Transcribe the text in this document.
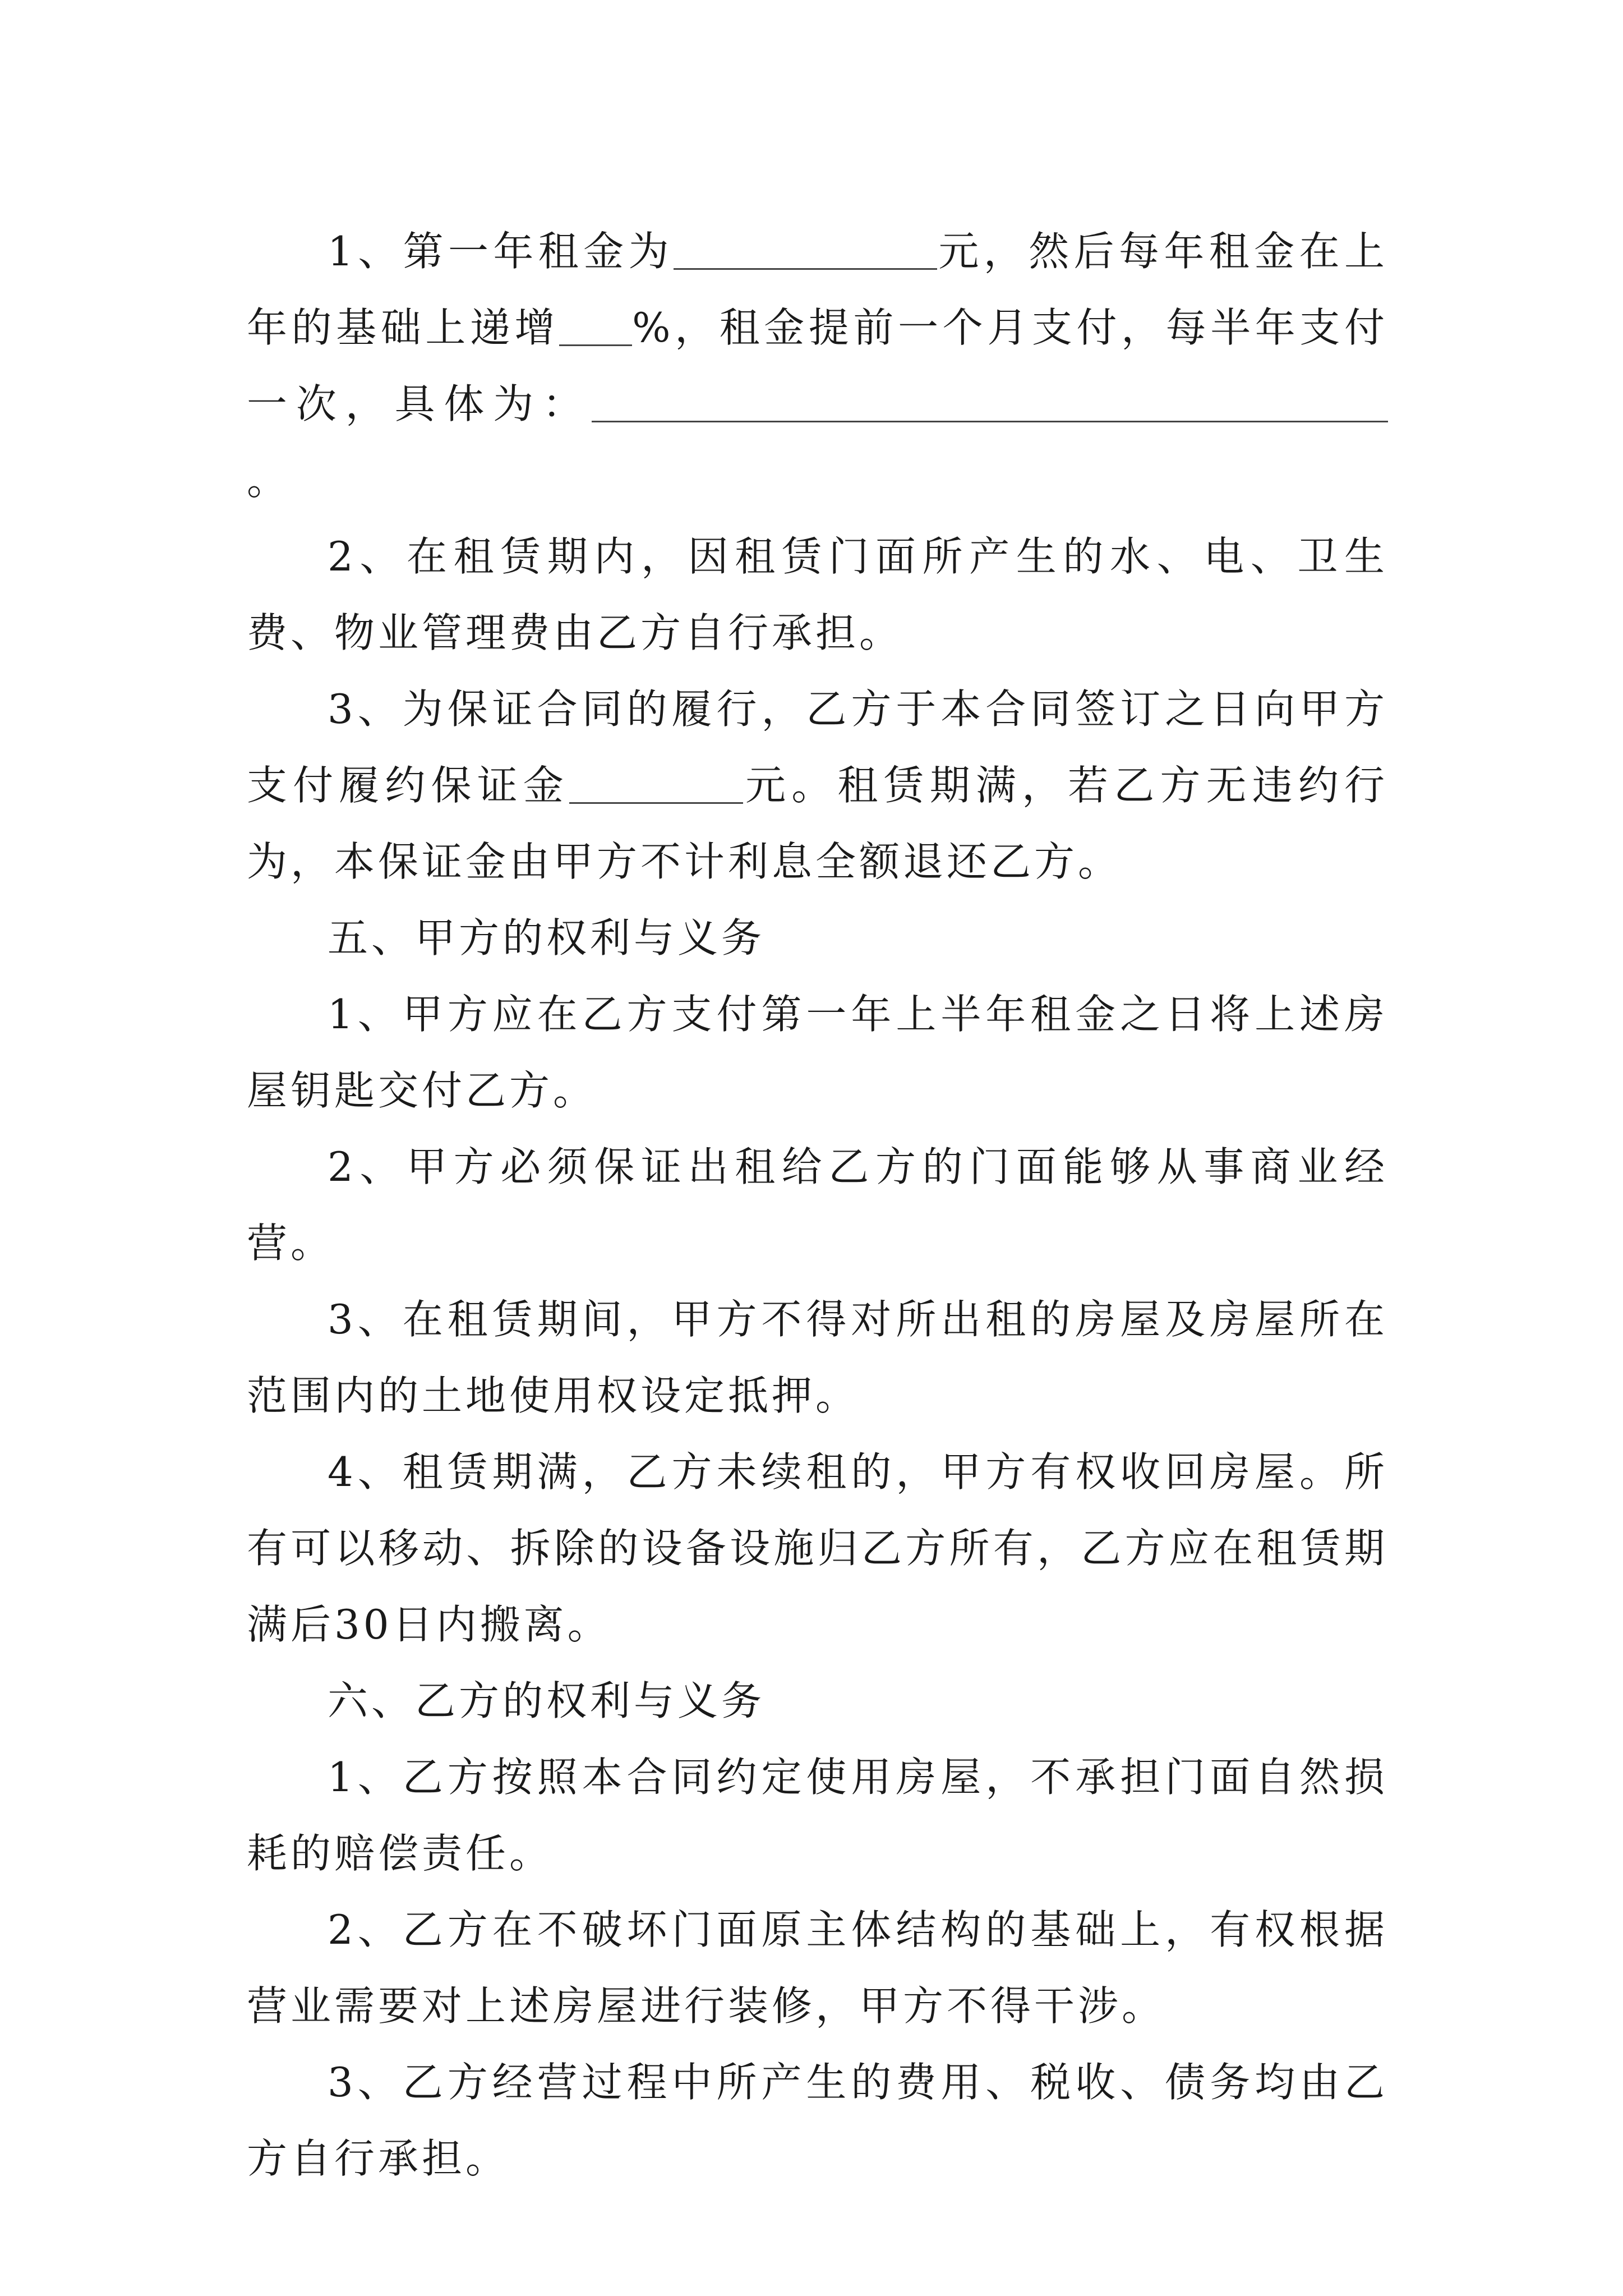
1、第一年租金为	元，然后每年租金在上年的基础上递增 %，租金提前一个月支付，每半年支付一次，具体为：。

2、在租赁期内，因租赁门面所产生的水、电、卫生费、物业管理费由乙方自行承担。

3、为保证合同的履行，乙方于本合同签订之日向甲方支付履约保证金	元。租赁期满，若乙方无违约行为，本保证金由甲方不计利息全额退还乙方。

五、甲方的权利与义务

1、甲方应在乙方支付第一年上半年租金之日将上述房屋钥匙交付乙方。

2、甲方必须保证出租给乙方的门面能够从事商业经营。

3、在租赁期间，甲方不得对所出租的房屋及房屋所在范围内的土地使用权设定抵押。

4、租赁期满，乙方未续租的，甲方有权收回房屋。所有可以移动、拆除的设备设施归乙方所有，乙方应在租赁期满后30日内搬离。

六、乙方的权利与义务

1、乙方按照本合同约定使用房屋，不承担门面自然损耗的赔偿责任。

2、乙方在不破坏门面原主体结构的基础上，有权根据营业需要对上述房屋进行装修，甲方不得干涉。

3、乙方经营过程中所产生的费用、税收、债务均由乙方自行承担。
